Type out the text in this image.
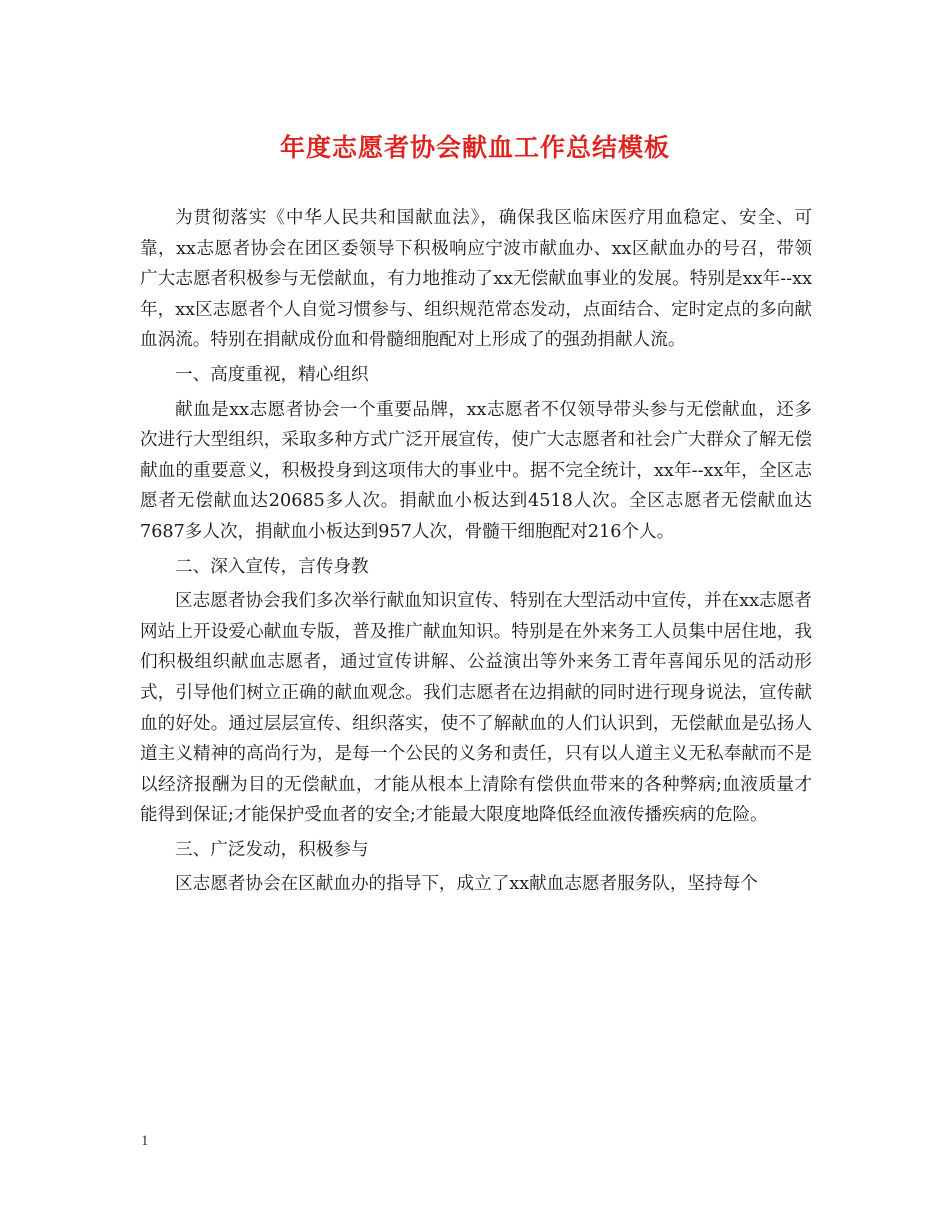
年度志愿者协会献血工作总结模板

为贯彻落实《中华人民共和国献血法》，确保我区临床医疗用血稳定、安全、可靠，xx志愿者协会在团区委领导下积极响应宁波市献血办、xx区献血办的号召，带领广大志愿者积极参与无偿献血，有力地推动了xx无偿献血事业的发展。特别是xx年--xx年，xx区志愿者个人自觉习惯参与、组织规范常态发动，点面结合、定时定点的多向献血涡流。特别在捐献成份血和骨髓细胞配对上形成了的强劲捐献人流。

一、高度重视，精心组织

献血是xx志愿者协会一个重要品牌，xx志愿者不仅领导带头参与无偿献血，还多次进行大型组织，采取多种方式广泛开展宣传，使广大志愿者和社会广大群众了解无偿献血的重要意义，积极投身到这项伟大的事业中。据不完全统计，xx年--xx年，全区志愿者无偿献血达20685多人次。捐献血小板达到4518人次。全区志愿者无偿献血达7687多人次，捐献血小板达到957人次，骨髓干细胞配对216个人。

二、深入宣传，言传身教

区志愿者协会我们多次举行献血知识宣传、特别在大型活动中宣传，并在xx志愿者网站上开设爱心献血专版，普及推广献血知识。特别是在外来务工人员集中居住地，我们积极组织献血志愿者，通过宣传讲解、公益演出等外来务工青年喜闻乐见的活动形式，引导他们树立正确的献血观念。我们志愿者在边捐献的同时进行现身说法，宣传献血的好处。通过层层宣传、组织落实，使不了解献血的人们认识到，无偿献血是弘扬人道主义精神的高尚行为，是每一个公民的义务和责任，只有以人道主义无私奉献而不是以经济报酬为目的无偿献血，才能从根本上清除有偿供血带来的各种弊病;血液质量才能得到保证;才能保护受血者的安全;才能最大限度地降低经血液传播疾病的危险。

三、广泛发动，积极参与

区志愿者协会在区献血办的指导下，成立了xx献血志愿者服务队，坚持每个

1
